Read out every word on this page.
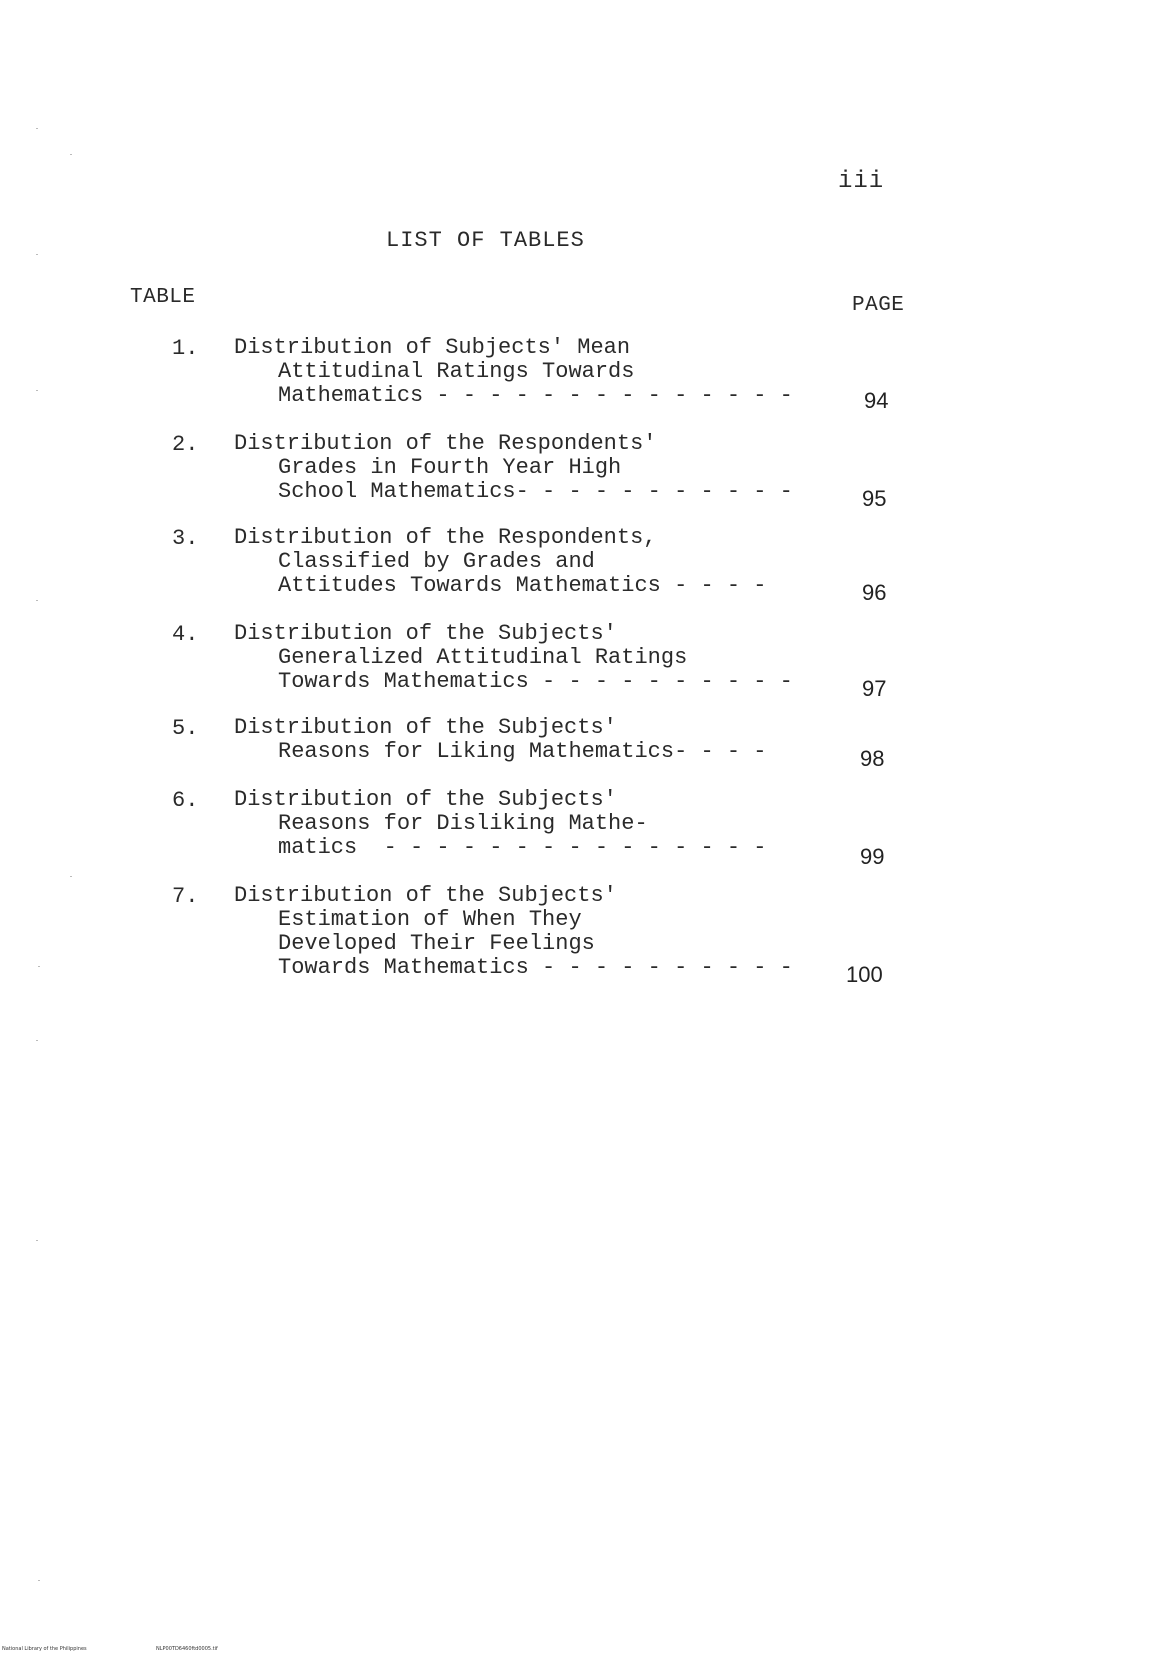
iii
LIST OF TABLES
TABLE	PAGE
1. Distribution of Subjects' Mean
Attitudinal Ratings Towards
Mathematics - - - - - - - - - - - - - -	94
2. Distribution of the Respondents'
Grades in Fourth Year High
School Mathematics- - - - - - - - - - -	95
3. Distribution of the Respondents,
Classified by Grades and
Attitudes Towards Mathematics - - - -	96
4. Distribution of the Subjects'
Generalized Attitudinal Ratings
Towards Mathematics - - - - - - - - - -	97
5. Distribution of the Subjects'
Reasons for Liking Mathematics- - - -	98
6. Distribution of the Subjects'
Reasons for Disliking Mathe-
matics  - - - - - - - - - - - - - - -	99
7. Distribution of the Subjects'
Estimation of When They
Developed Their Feelings
Towards Mathematics - - - - - - - - - - 100
National Library of the Philippines	NLP00TD6460ftd0005.tif
